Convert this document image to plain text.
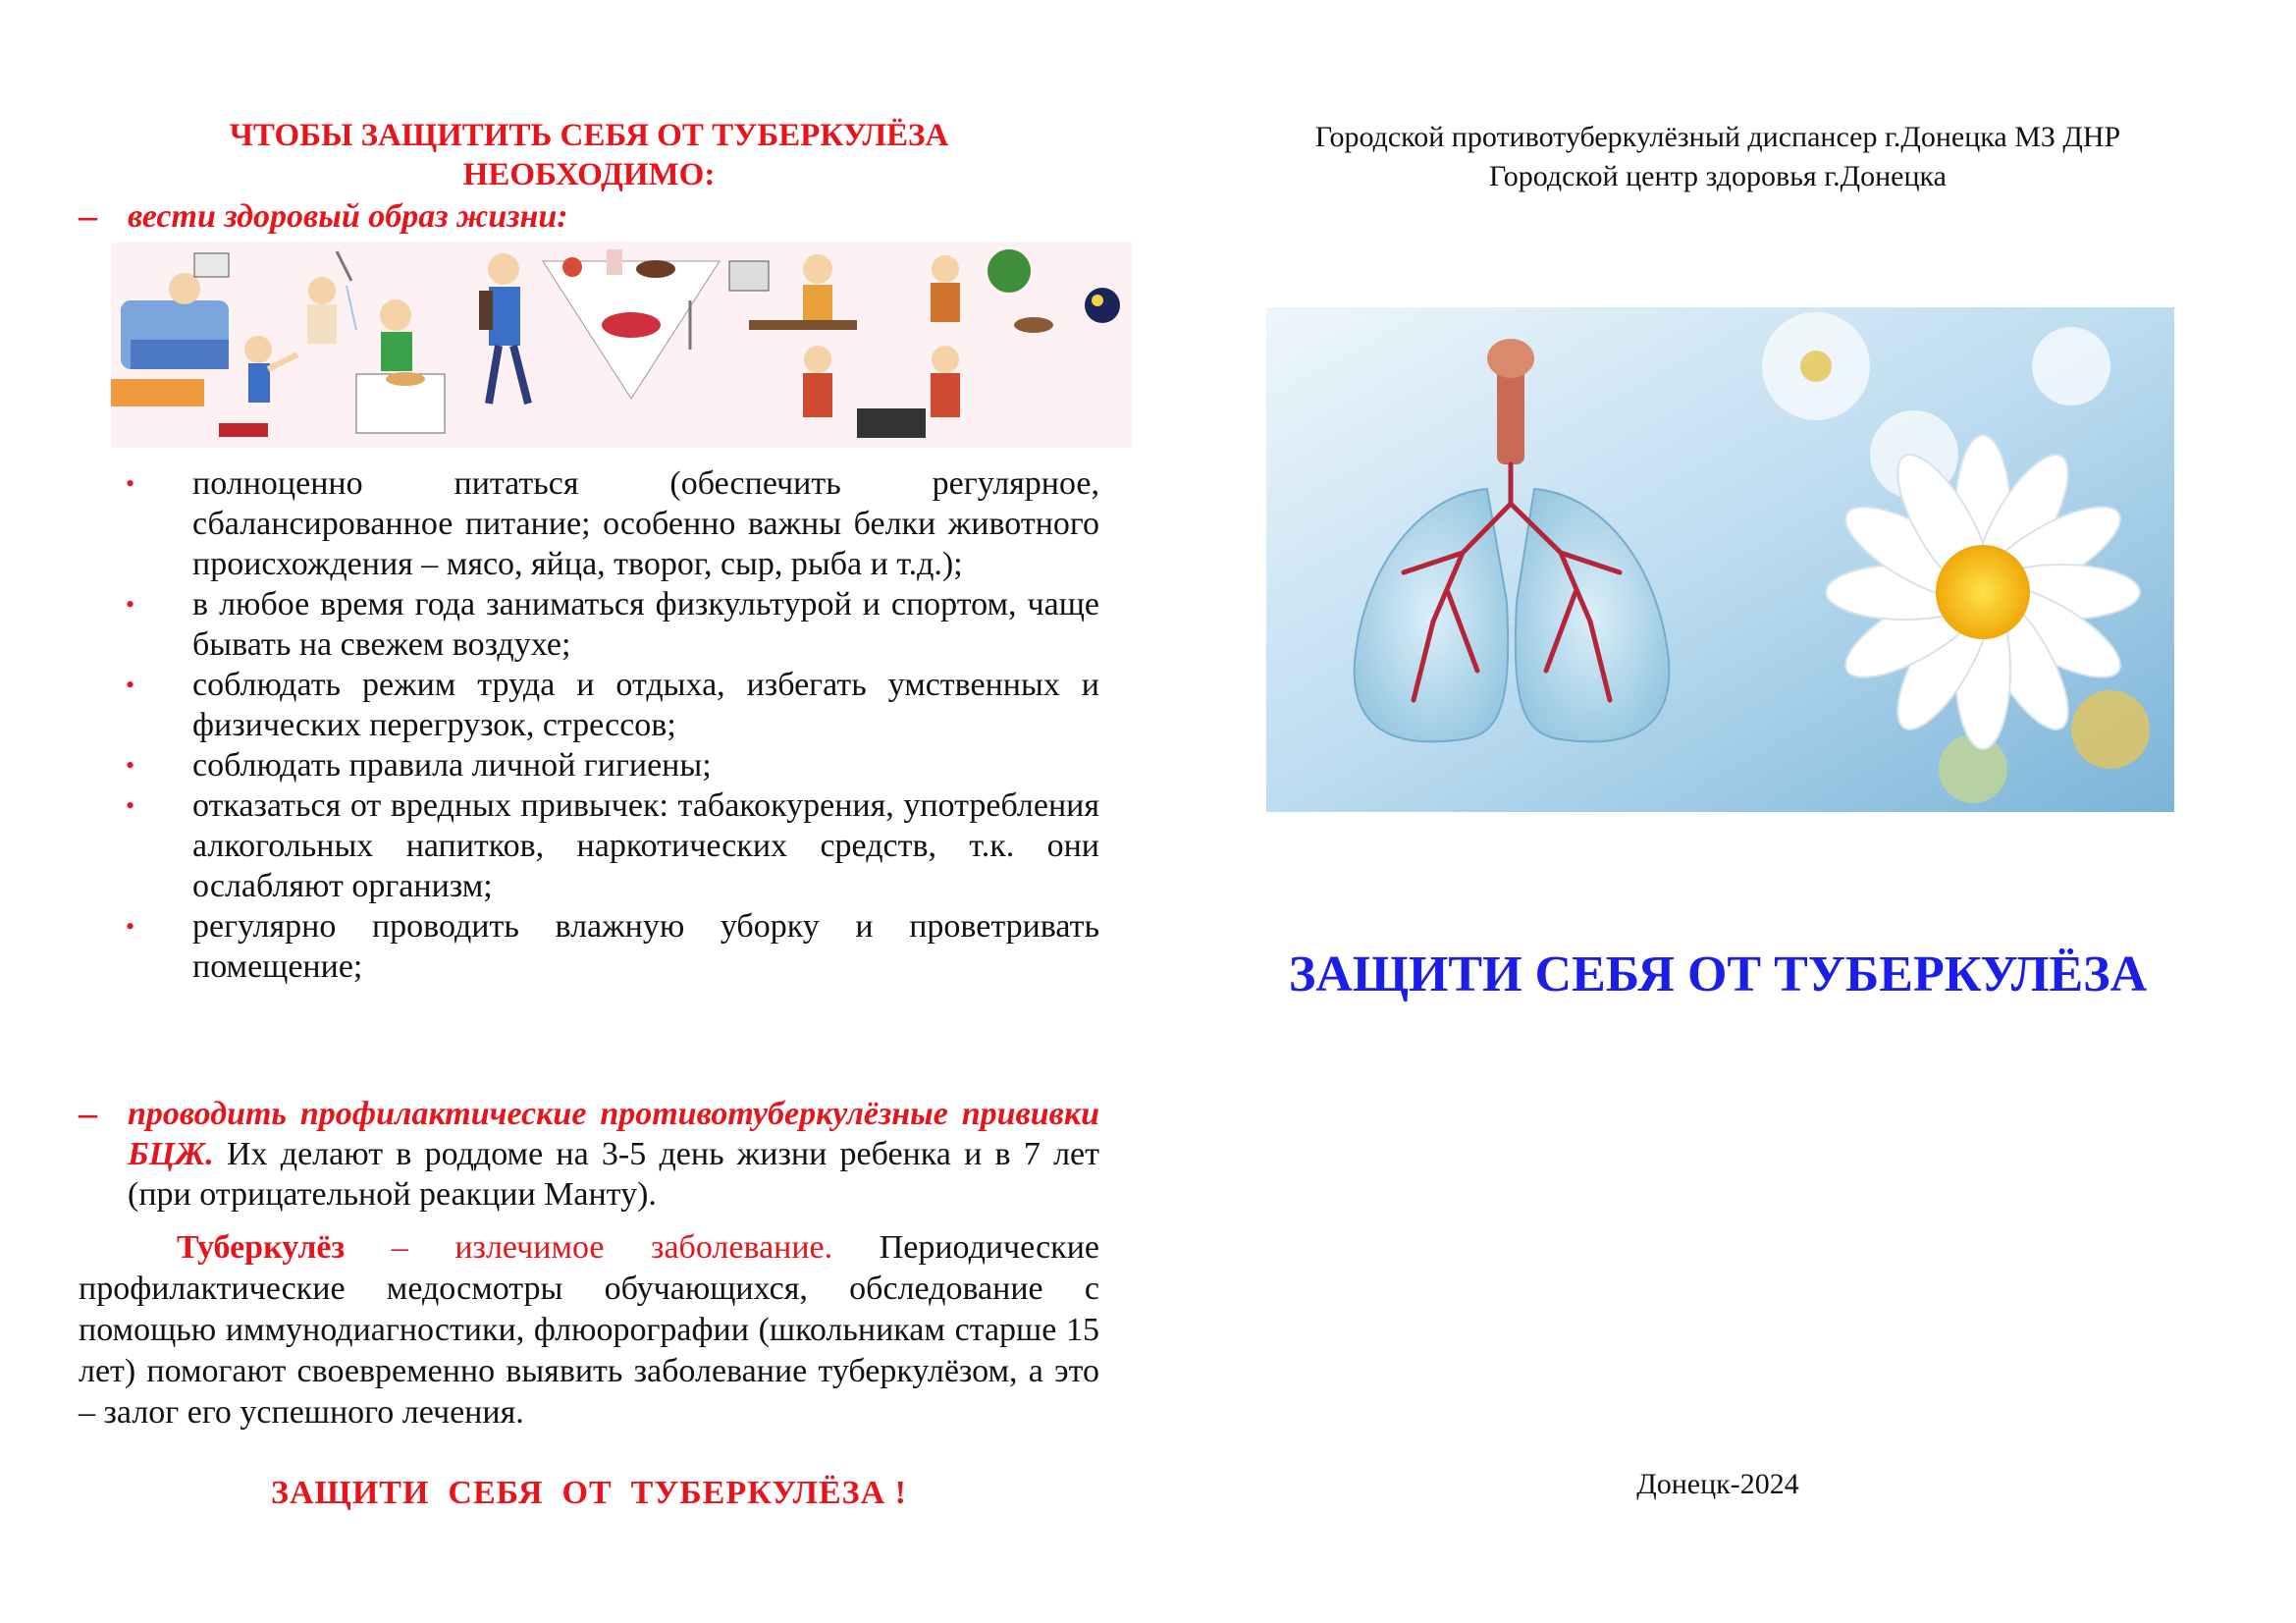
ЧТОБЫ ЗАЩИТИТЬ СЕБЯ ОТ ТУБЕРКУЛЁЗА
НЕОБХОДИМО:
– вести здоровый образ жизни:
• полноценно питаться (обеспечить регулярное, сбалансированное питание; особенно важны белки животного происхождения – мясо, яйца, творог, сыр, рыба и т.д.);
• в любое время года заниматься физкультурой и спортом, чаще бывать на свежем воздухе;
• соблюдать режим труда и отдыха, избегать умственных и физических перегрузок, стрессов;
• соблюдать правила личной гигиены;
• отказаться от вредных привычек: табакокурения, употребления алкогольных напитков, наркотических средств, т.к. они ослабляют организм;
• регулярно проводить влажную уборку и проветривать помещение;
– проводить профилактические противотуберкулёзные прививки БЦЖ. Их делают в роддоме на 3-5 день жизни ребенка и в 7 лет (при отрицательной реакции Манту).
Туберкулёз – излечимое заболевание. Периодические профилактические медосмотры обучающихся, обследование с помощью иммунодиагностики, флюорографии (школьникам старше 15 лет) помогают своевременно выявить заболевание туберкулёзом, а это – залог его успешного лечения.
ЗАЩИТИ  СЕБЯ  ОТ  ТУБЕРКУЛЁЗА !
Городской противотуберкулёзный диспансер г.Донецка МЗ ДНР
Городской центр здоровья г.Донецка
ЗАЩИТИ СЕБЯ ОТ ТУБЕРКУЛЁЗА
Донецк-2024
